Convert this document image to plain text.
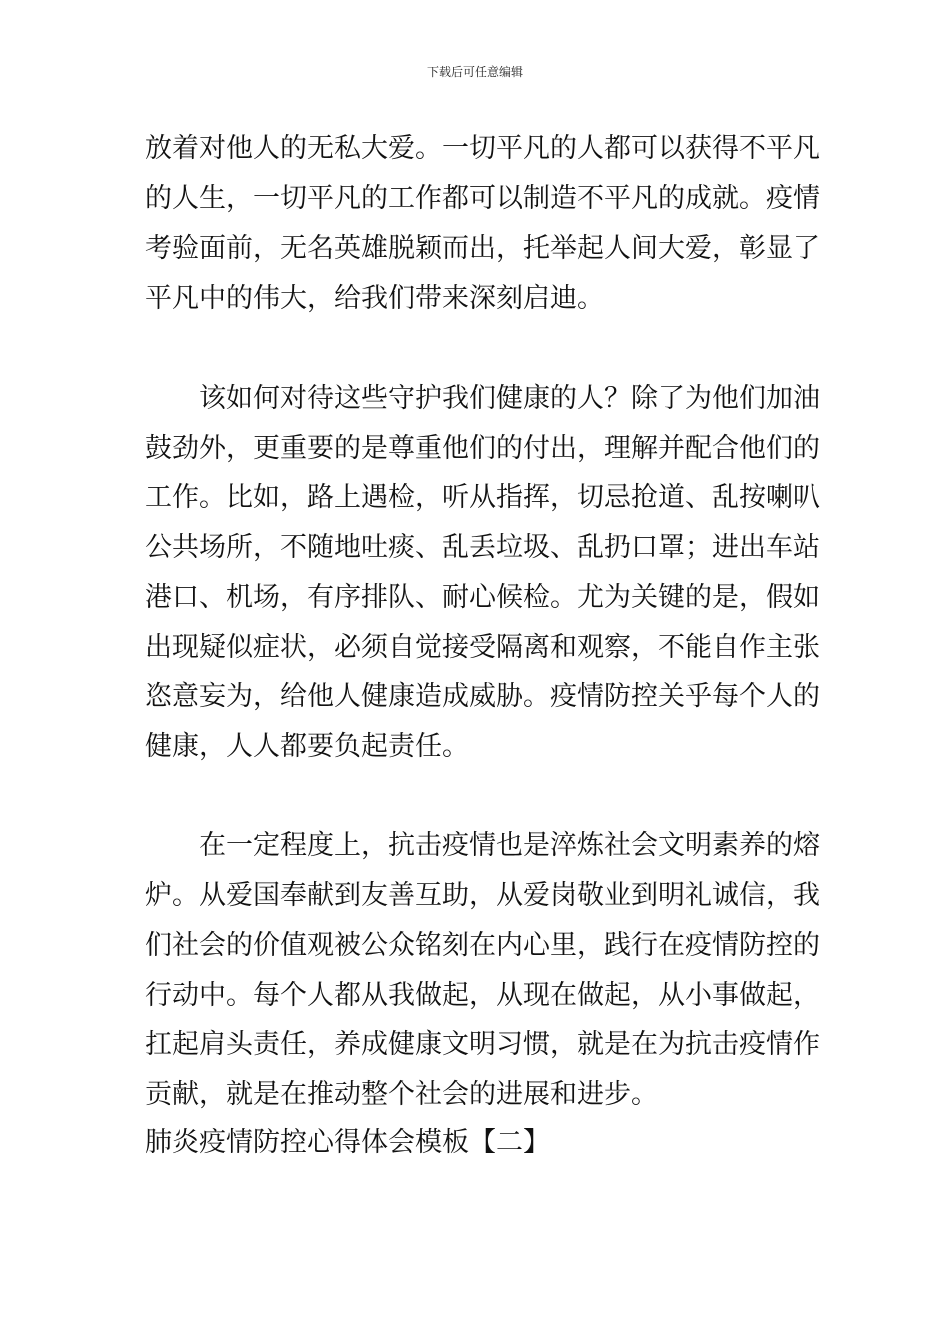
下载后可任意编辑
放着对他人的无私大爱。一切平凡的人都可以获得不平凡
的人生，一切平凡的工作都可以制造不平凡的成就。疫情
考验面前，无名英雄脱颖而出，托举起人间大爱，彰显了
平凡中的伟大，给我们带来深刻启迪。
该如何对待这些守护我们健康的人？除了为他们加油
鼓劲外，更重要的是尊重他们的付出，理解并配合他们的
工作。比如，路上遇检，听从指挥，切忌抢道、乱按喇叭
公共场所，不随地吐痰、乱丢垃圾、乱扔口罩；进出车站
港口、机场，有序排队、耐心候检。尤为关键的是，假如
出现疑似症状，必须自觉接受隔离和观察，不能自作主张
恣意妄为，给他人健康造成威胁。疫情防控关乎每个人的
健康，人人都要负起责任。
在一定程度上，抗击疫情也是淬炼社会文明素养的熔
炉。从爱国奉献到友善互助，从爱岗敬业到明礼诚信，我
们社会的价值观被公众铭刻在内心里，践行在疫情防控的
行动中。每个人都从我做起，从现在做起，从小事做起，
扛起肩头责任，养成健康文明习惯，就是在为抗击疫情作
贡献，就是在推动整个社会的进展和进步。
肺炎疫情防控心得体会模板【二】
